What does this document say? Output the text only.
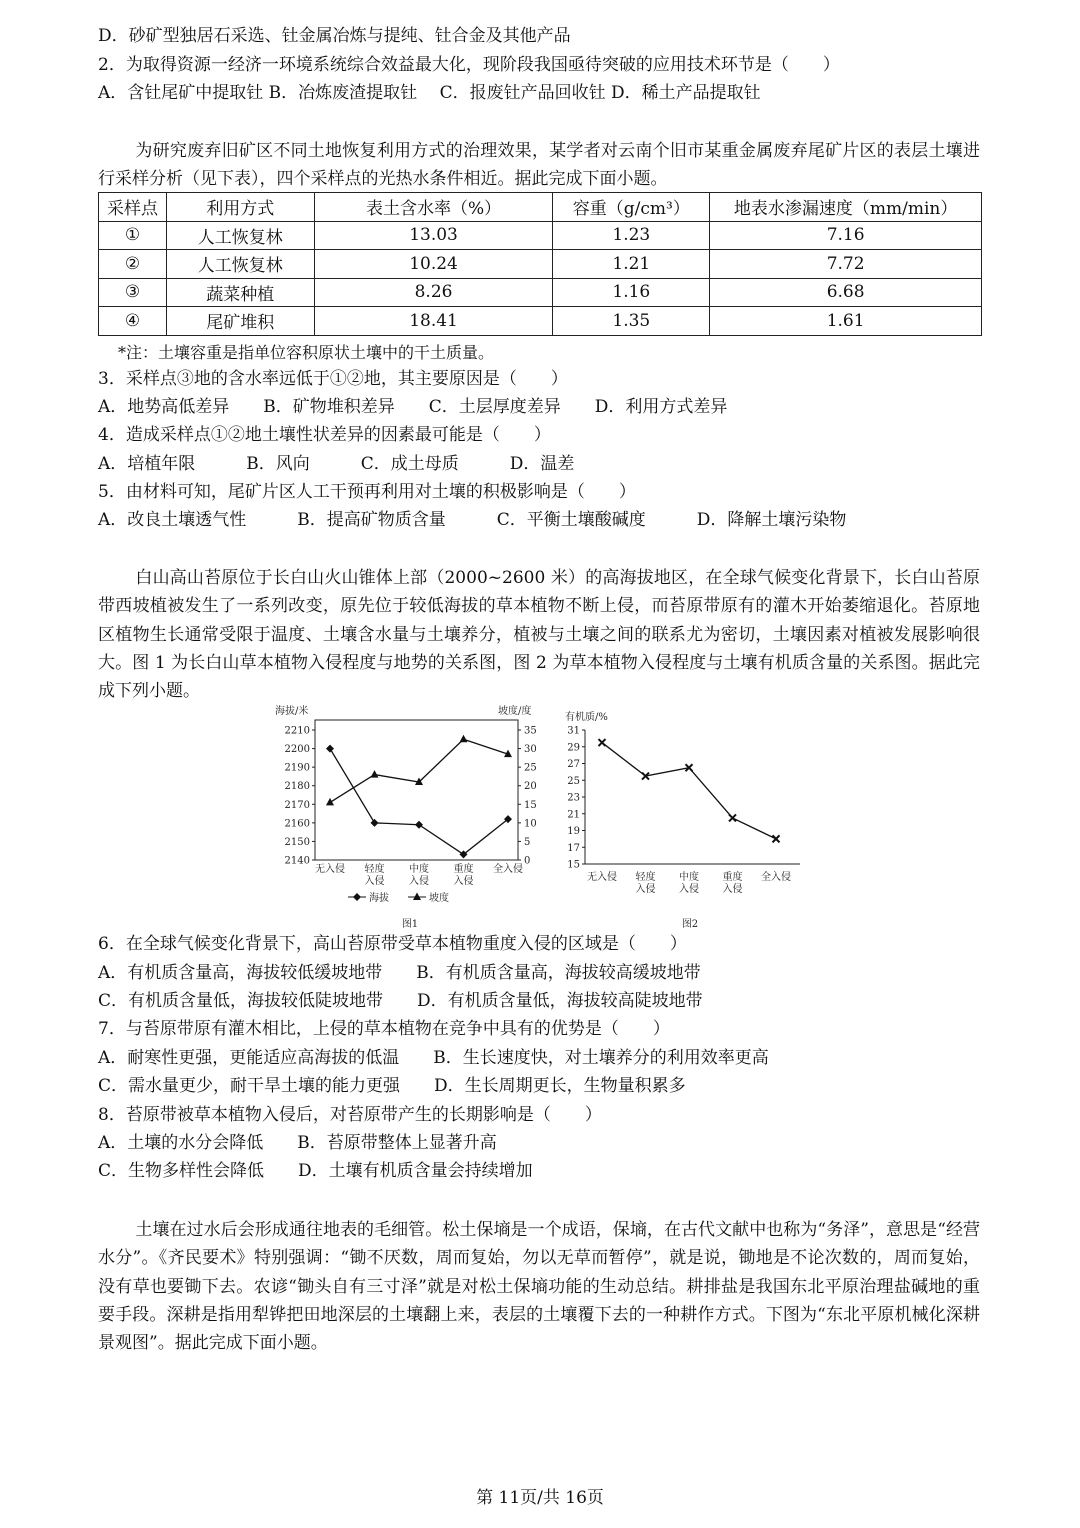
D．砂矿型独居石采选、钍金属冶炼与提纯、钍合金及其他产品
2．为取得资源一经济一环境系统综合效益最大化，现阶段我国亟待突破的应用技术环节是（　　）
A．含钍尾矿中提取钍 B．冶炼废渣提取钍　 C．报废钍产品回收钍 D．稀土产品提取钍
为研究废弃旧矿区不同土地恢复利用方式的治理效果，某学者对云南个旧市某重金属废弃尾矿片区的表层土壤进行采样分析（见下表），四个采样点的光热水条件相近。据此完成下面小题。
采样点	利用方式	表土含水率（%）	容重（g/cm³）	地表水渗漏速度（mm/min）
①	人工恢复林	13.03	1.23	7.16
②	人工恢复林	10.24	1.21	7.72
③	蔬菜种植	8.26	1.16	6.68
④	尾矿堆积	18.41	1.35	1.61
*注：土壤容重是指单位容积原状土壤中的干土质量。
3．采样点③地的含水率远低于①②地，其主要原因是（　　）
A．地势高低差异　　B．矿物堆积差异　　C．土层厚度差异　　D．利用方式差异
4．造成采样点①②地土壤性状差异的因素最可能是（　　）
A．培植年限　　　B．风向　　　C．成土母质　　　D．温差
5．由材料可知，尾矿片区人工干预再利用对土壤的积极影响是（　　）
A．改良土壤透气性　　　B．提高矿物质含量　　　C．平衡土壤酸碱度　　　D．降解土壤污染物
白山高山苔原位于长白山火山锥体上部（2000~2600 米）的高海拔地区，在全球气候变化背景下，长白山苔原带西坡植被发生了一系列改变，原先位于较低海拔的草本植物不断上侵，而苔原带原有的灌木开始萎缩退化。苔原地区植物生长通常受限于温度、土壤含水量与土壤养分，植被与土壤之间的联系尤为密切，土壤因素对植被发展影响很大。图 1 为长白山草本植物入侵程度与地势的关系图，图 2 为草本植物入侵程度与土壤有机质含量的关系图。据此完成下列小题。
2140
2150
2160
2170
2180
2190
2200
2210
0
5
10
15
20
25
30
35
海拔/米	坡度/度
无入侵 轻度
入侵
中度
入侵
重度
入侵
全入侵
海拔	坡度
图1
15
17
19
21
23
25
27
29
31
有机质/%
无入侵 轻度
入侵
中度
入侵
重度
入侵
全入侵
图2
6．在全球气候变化背景下，高山苔原带受草本植物重度入侵的区域是（　　）
A．有机质含量高，海拔较低缓坡地带　　B．有机质含量高，海拔较高缓坡地带
C．有机质含量低，海拔较低陡坡地带　　D．有机质含量低，海拔较高陡坡地带
7．与苔原带原有灌木相比，上侵的草本植物在竞争中具有的优势是（　　）
A．耐寒性更强，更能适应高海拔的低温　　B．生长速度快，对土壤养分的利用效率更高
C．需水量更少，耐干旱土壤的能力更强　　D．生长周期更长，生物量积累多
8．苔原带被草本植物入侵后，对苔原带产生的长期影响是（　　）
A．土壤的水分会降低　　B．苔原带整体上显著升高
C．生物多样性会降低　　D．土壤有机质含量会持续增加
土壤在过水后会形成通往地表的毛细管。松土保墒是一个成语，保墒，在古代文献中也称为“务泽”，意思是“经营水分”。《齐民要术》特别强调：“锄不厌数，周而复始，勿以无草而暂停”，就是说，锄地是不论次数的，周而复始，没有草也要锄下去。农谚“锄头自有三寸泽”就是对松土保墒功能的生动总结。耕排盐是我国东北平原治理盐碱地的重要手段。深耕是指用犁铧把田地深层的土壤翻上来，表层的土壤覆下去的一种耕作方式。下图为“东北平原机械化深耕景观图”。据此完成下面小题。
第 11页/共 16页
